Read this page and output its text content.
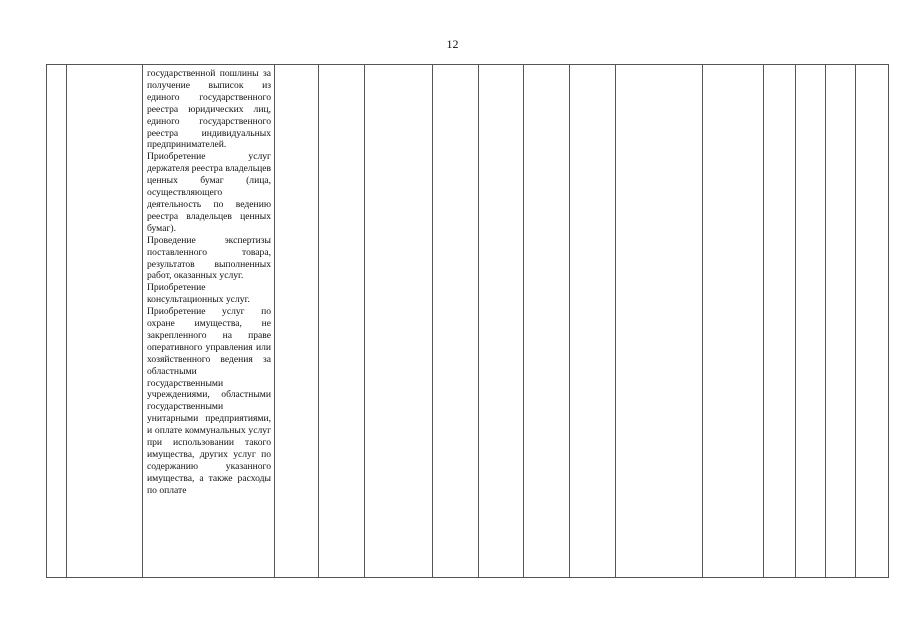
12

государственной пошлины за получение выписок из единого государственного реестра юридических лиц, единого государственного реестра индивидуальных предпринимателей.

Приобретение услуг держателя реестра владельцев ценных бумаг (лица, осуществляющего деятельность по ведению реестра владельцев ценных бумаг).

Проведение экспертизы поставленного товара, результатов выполненных работ, оказанных услуг.

Приобретение консультационных услуг.

Приобретение услуг по охране имущества, не закрепленного на праве оперативного управления или хозяйственного ведения за областными государственными учреждениями, областными государственными унитарными предприятиями, и оплате коммунальных услуг при использовании такого имущества, других услуг по содержанию указанного имущества, а также расходы по оплате
